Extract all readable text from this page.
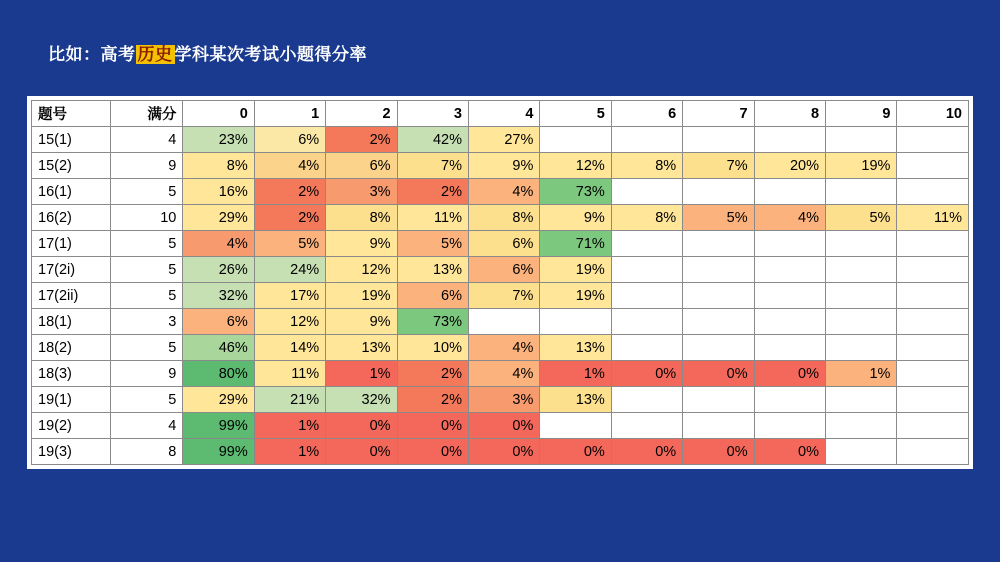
比如：高考 历史 学科某次考试小题得分率
题号	满分	0	1	2	3	4	5	6	7	8	9	10
15(1)	4	23%	6%	2%	42%	27%						
15(2)	9	8%	4%	6%	7%	9%	12%	8%	7%	20%	19%	
16(1)	5	16%	2%	3%	2%	4%	73%					
16(2)	10	29%	2%	8%	11%	8%	9%	8%	5%	4%	5%	11%
17(1)	5	4%	5%	9%	5%	6%	71%					
17(2i)	5	26%	24%	12%	13%	6%	19%					
17(2ii)	5	32%	17%	19%	6%	7%	19%					
18(1)	3	6%	12%	9%	73%							
18(2)	5	46%	14%	13%	10%	4%	13%					
18(3)	9	80%	11%	1%	2%	4%	1%	0%	0%	0%	1%	
19(1)	5	29%	21%	32%	2%	3%	13%					
19(2)	4	99%	1%	0%	0%	0%						
19(3)	8	99%	1%	0%	0%	0%	0%	0%	0%	0%		
